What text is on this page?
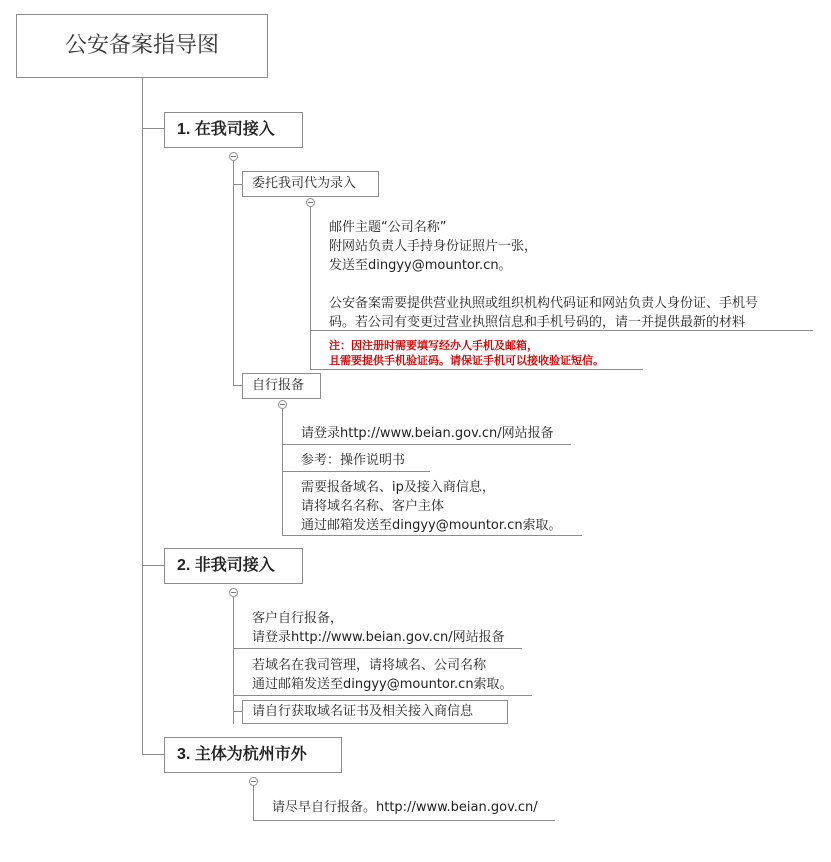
公安备案指导图
1. 在我司接入
委托我司代为录入
邮件主题“公司名称”
附网站负责人手持身份证照片一张，
发送至dingyy@mountor.cn。
公安备案需要提供营业执照或组织机构代码证和网站负责人身份证、手机号
码。若公司有变更过营业执照信息和手机号码的，请一并提供最新的材料
注：因注册时需要填写经办人手机及邮箱，
且需要提供手机验证码。请保证手机可以接收验证短信。
自行报备
请登录http://www.beian.gov.cn/网站报备
参考：操作说明书
需要报备域名、ip及接入商信息，
请将域名名称、客户主体
通过邮箱发送至dingyy@mountor.cn索取。
2. 非我司接入
客户自行报备，
请登录http://www.beian.gov.cn/网站报备
若域名在我司管理，请将域名、公司名称
通过邮箱发送至dingyy@mountor.cn索取。
请自行获取域名证书及相关接入商信息
3. 主体为杭州市外
请尽早自行报备。http://www.beian.gov.cn/
